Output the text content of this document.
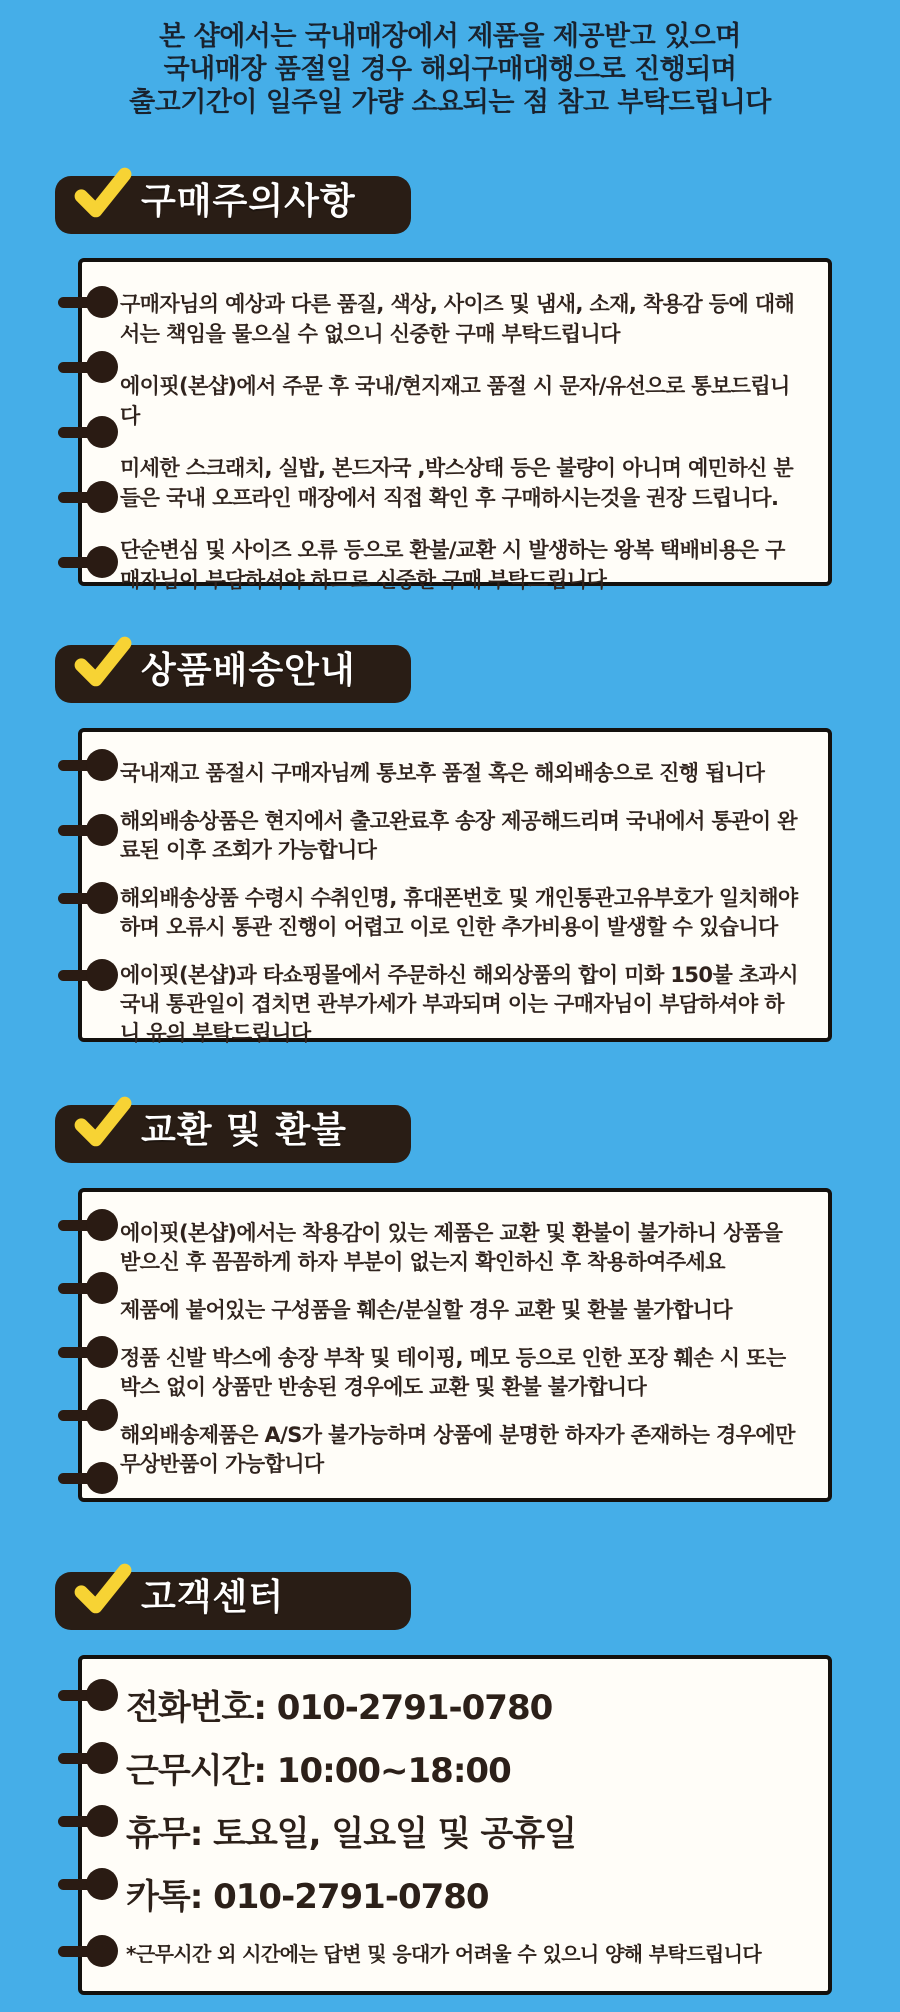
본 샵에서는 국내매장에서 제품을 제공받고 있으며
국내매장 품절일 경우 해외구매대행으로 진행되며
출고기간이 일주일 가량 소요되는 점 참고 부탁드립니다
구매주의사항

구매자님의 예상과 다른 품질, 색상, 사이즈 및 냄새, 소재, 착용감 등에 대해서는 책임을 물으실 수 없으니 신중한 구매 부탁드립니다

에이핏(본샵)에서 주문 후 국내/현지재고 품절 시 문자/유선으로 통보드립니다

미세한 스크래치, 실밥, 본드자국 ,박스상태 등은 불량이 아니며 예민하신 분들은 국내 오프라인 매장에서 직접 확인 후 구매하시는것을 권장 드립니다.

단순변심 및 사이즈 오류 등으로 환불/교환 시 발생하는 왕복 택배비용은 구매자님이 부담하셔야 하므로 신중한 구매 부탁드립니다

상품배송안내

국내재고 품절시 구매자님께 통보후 품절 혹은 해외배송으로 진행 됩니다

해외배송상품은 현지에서 출고완료후 송장 제공해드리며 국내에서 통관이 완료된 이후 조회가 가능합니다

해외배송상품 수령시 수취인명, 휴대폰번호 및 개인통관고유부호가 일치해야 하며 오류시 통관 진행이 어렵고 이로 인한 추가비용이 발생할 수 있습니다

에이핏(본샵)과 타쇼핑몰에서 주문하신 해외상품의 합이 미화 150불 초과시 국내 통관일이 겹치면 관부가세가 부과되며 이는 구매자님이 부담하셔야 하니 유의 부탁드립니다

교환 및 환불

에이핏(본샵)에서는 착용감이 있는 제품은 교환 및 환불이 불가하니 상품을 받으신 후 꼼꼼하게 하자 부분이 없는지 확인하신 후 착용하여주세요

제품에 붙어있는 구성품을 훼손/분실할 경우 교환 및 환불 불가합니다

정품 신발 박스에 송장 부착 및 테이핑, 메모 등으로 인한 포장 훼손 시 또는 박스 없이 상품만 반송된 경우에도 교환 및 환불 불가합니다

해외배송제품은 A/S가 불가능하며 상품에 분명한 하자가 존재하는 경우에만 무상반품이 가능합니다

고객센터
전화번호: 010-2791-0780
근무시간: 10:00~18:00
휴무: 토요일, 일요일 및 공휴일
카톡: 010-2791-0780
*근무시간 외 시간에는 답변 및 응대가 어려울 수 있으니 양해 부탁드립니다
